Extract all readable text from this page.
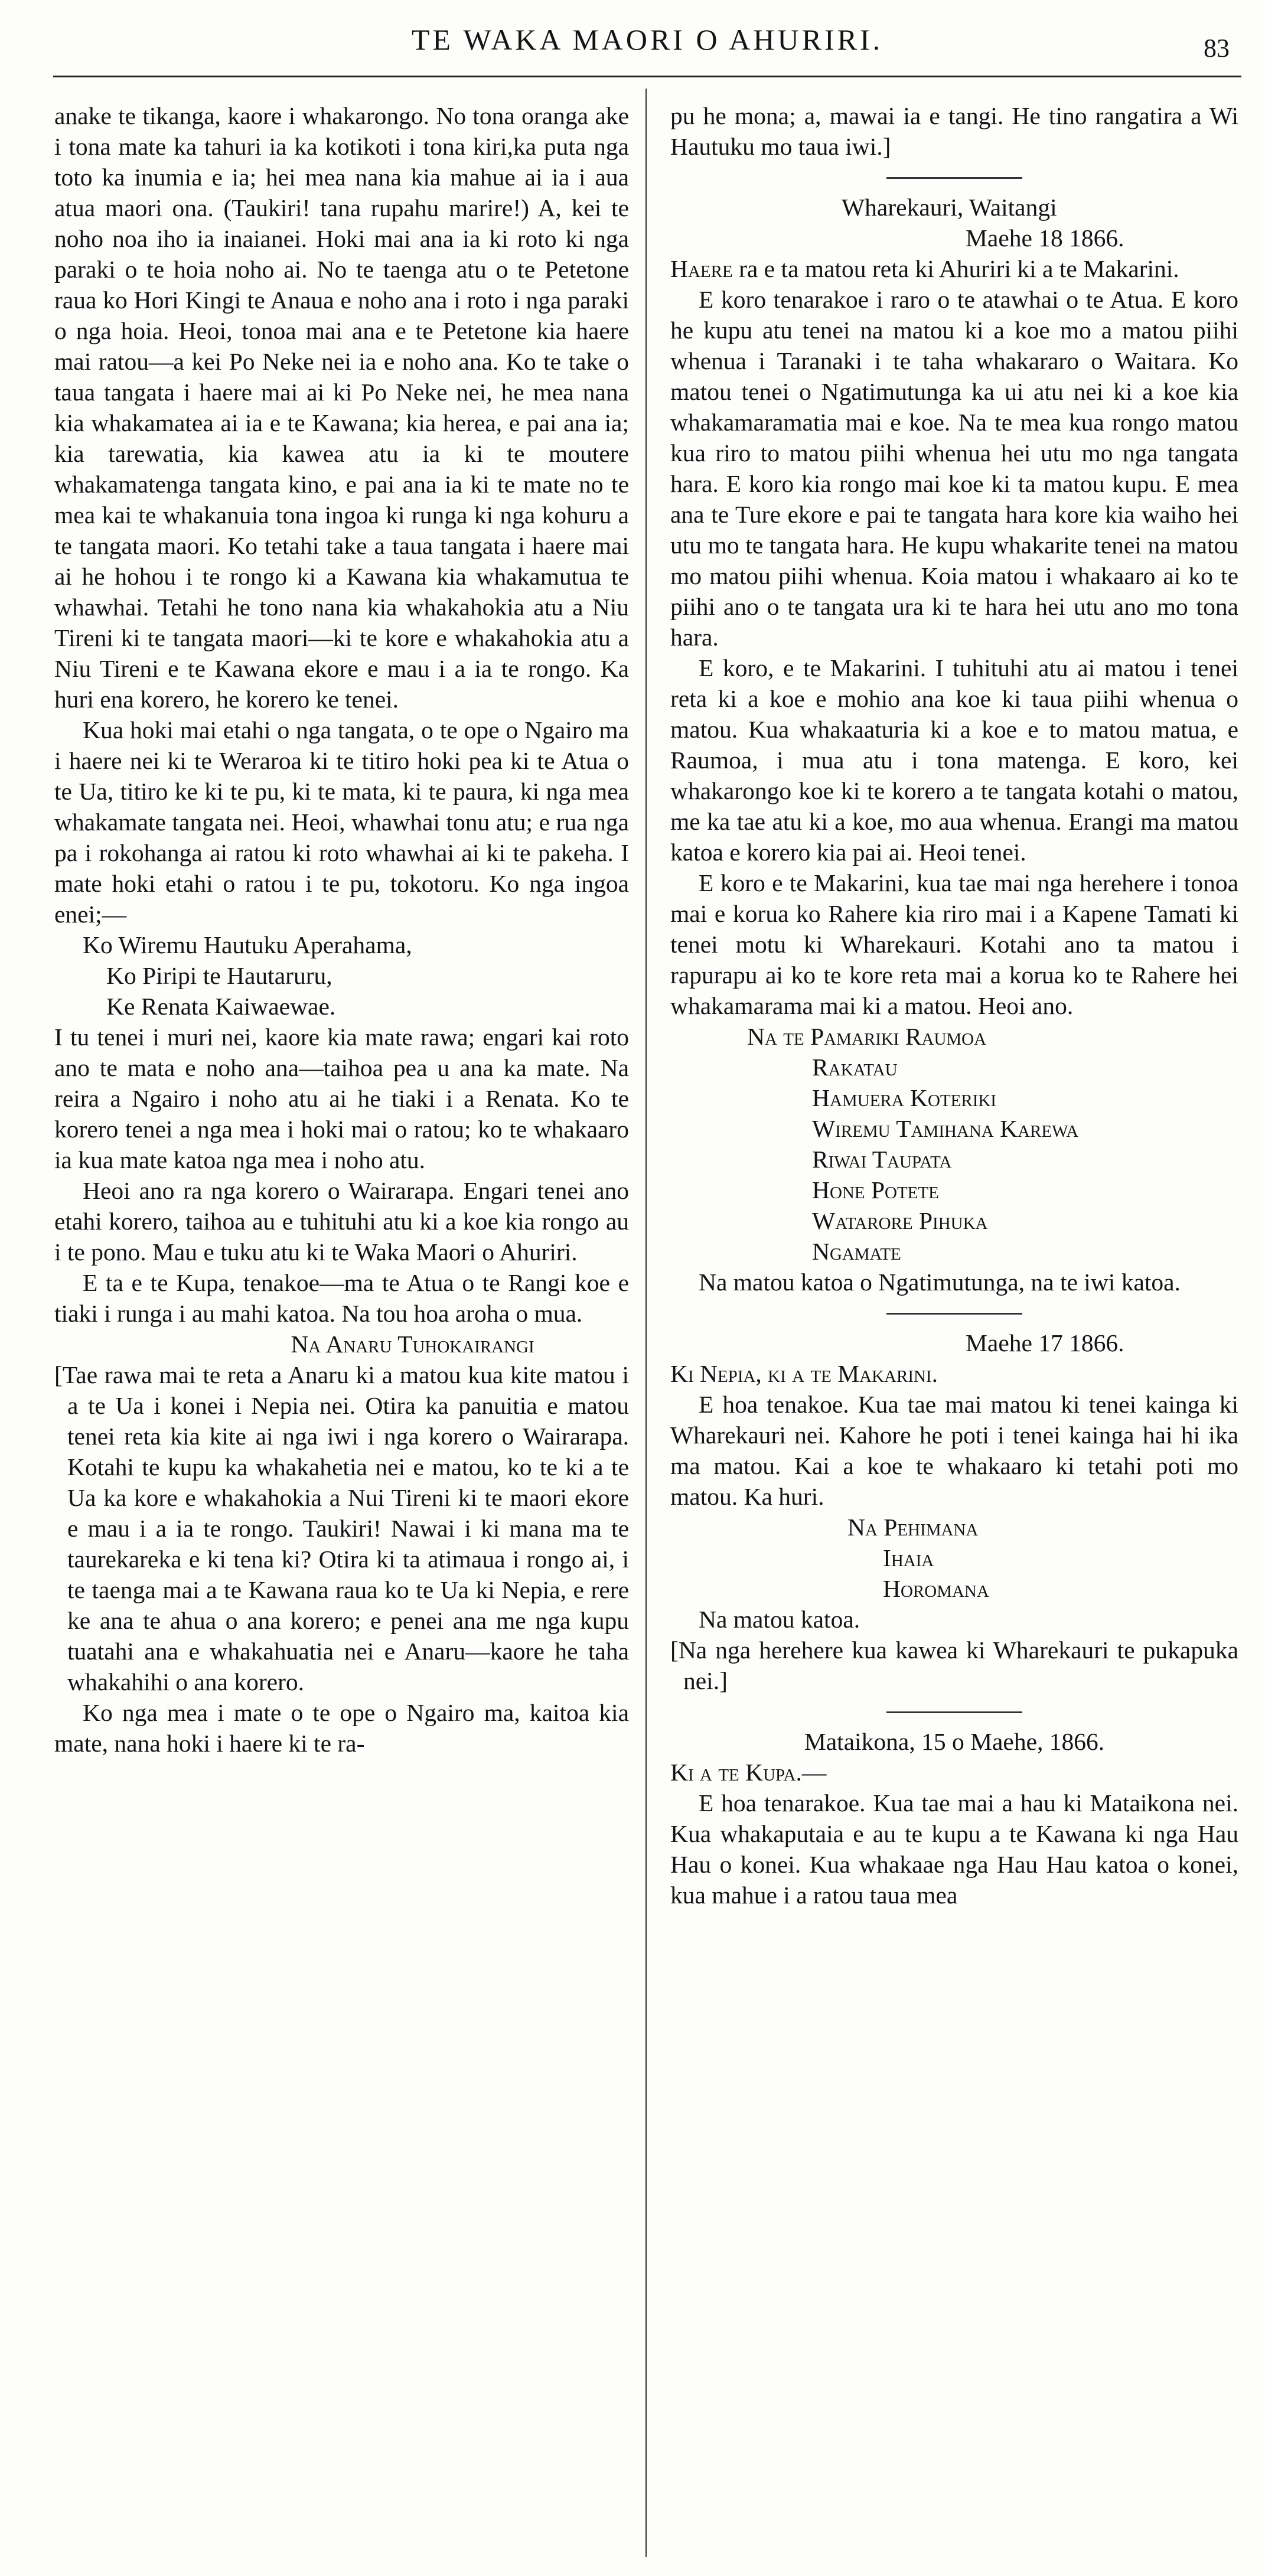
TE WAKA MAORI O AHURIRI.	83

anake te tikanga, kaore i whakarongo. No tona oranga ake i tona mate ka tahuri ia ka kotikoti i tona kiri,ka puta nga toto ka inumia e ia; hei mea nana kia mahue ai ia i aua atua maori ona. (Taukiri! tana rupahu marire!) A, kei te noho noa iho ia inaianei. Hoki mai ana ia ki roto ki nga paraki o te hoia noho ai. No te taenga atu o te Petetone raua ko Hori Kingi te Anaua e noho ana i roto i nga paraki o nga hoia. Heoi, tonoa mai ana e te Petetone kia haere mai ratou—a kei Po Neke nei ia e noho ana. Ko te take o taua tangata i haere mai ai ki Po Neke nei, he mea nana kia whakamatea ai ia e te Kawana; kia herea, e pai ana ia; kia tarewatia, kia kawea atu ia ki te moutere whakamatenga tangata kino, e pai ana ia ki te mate no te mea kai te whakanuia tona ingoa ki runga ki nga kohuru a te tangata maori. Ko tetahi take a taua tangata i haere mai ai he hohou i te rongo ki a Kawana kia whakamutua te whawhai. Tetahi he tono nana kia whakahokia atu a Niu Tireni ki te tangata maori—ki te kore e whakahokia atu a Niu Tireni e te Kawana ekore e mau i a ia te rongo. Ka huri ena korero, he korero ke tenei.

Kua hoki mai etahi o nga tangata, o te ope o Ngairo ma i haere nei ki te Weraroa ki te titiro hoki pea ki te Atua o te Ua, titiro ke ki te pu, ki te mata, ki te paura, ki nga mea whakamate tangata nei. Heoi, whawhai tonu atu; e rua nga pa i rokohanga ai ratou ki roto whawhai ai ki te pakeha. I mate hoki etahi o ratou i te pu, tokotoru. Ko nga ingoa enei;—

Ko Wiremu Hautuku Aperahama,
Ko Piripi te Hautaruru,
Ke Renata Kaiwaewae.

I tu tenei i muri nei, kaore kia mate rawa; engari kai roto ano te mata e noho ana—taihoa pea u ana ka mate. Na reira a Ngairo i noho atu ai he tiaki i a Renata. Ko te korero tenei a nga mea i hoki mai o ratou; ko te whakaaro ia kua mate katoa nga mea i noho atu.

Heoi ano ra nga korero o Wairarapa. Engari tenei ano etahi korero, taihoa au e tuhituhi atu ki a koe kia rongo au i te pono. Mau e tuku atu ki te Waka Maori o Ahuriri.

E ta e te Kupa, tenakoe—ma te Atua o te Rangi koe e tiaki i runga i au mahi katoa. Na tou hoa aroha o mua.

Na Anaru Tuhokairangi

[Tae rawa mai te reta a Anaru ki a matou kua kite matou i a te Ua i konei i Nepia nei. Otira ka panuitia e matou tenei reta kia kite ai nga iwi i nga korero o Wairarapa. Kotahi te kupu ka whakahetia nei e matou, ko te ki a te Ua ka kore e whakahokia a Nui Tireni ki te maori ekore e mau i a ia te rongo. Taukiri! Nawai i ki mana ma te taurekareka e ki tena ki? Otira ki ta atimaua i rongo ai, i te taenga mai a te Kawana raua ko te Ua ki Nepia, e rere ke ana te ahua o ana korero; e penei ana me nga kupu tuatahi ana e whakahuatia nei e Anaru—kaore he taha whakahihi o ana korero.

Ko nga mea i mate o te ope o Ngairo ma, kaitoa kia mate, nana hoki i haere ki te ra-

pu he mona; a, mawai ia e tangi. He tino rangatira a Wi Hautuku mo taua iwi.]

Wharekauri, Waitangi

Maehe 18 1866.

Haere ra e ta matou reta ki Ahuriri ki a te Makarini.

E koro tenarakoe i raro o te atawhai o te Atua. E koro he kupu atu tenei na matou ki a koe mo a matou piihi whenua i Taranaki i te taha whakararo o Waitara. Ko matou tenei o Ngatimutunga ka ui atu nei ki a koe kia whakamaramatia mai e koe. Na te mea kua rongo matou kua riro to matou piihi whenua hei utu mo nga tangata hara. E koro kia rongo mai koe ki ta matou kupu. E mea ana te Ture ekore e pai te tangata hara kore kia waiho hei utu mo te tangata hara. He kupu whakarite tenei na matou mo matou piihi whenua. Koia matou i whakaaro ai ko te piihi ano o te tangata ura ki te hara hei utu ano mo tona hara.

E koro, e te Makarini. I tuhituhi atu ai matou i tenei reta ki a koe e mohio ana koe ki taua piihi whenua o matou. Kua whakaaturia ki a koe e to matou matua, e Raumoa, i mua atu i tona matenga. E koro, kei whakarongo koe ki te korero a te tangata kotahi o matou, me ka tae atu ki a koe, mo aua whenua. Erangi ma matou katoa e korero kia pai ai. Heoi tenei.

E koro e te Makarini, kua tae mai nga herehere i tonoa mai e korua ko Rahere kia riro mai i a Kapene Tamati ki tenei motu ki Wharekauri. Kotahi ano ta matou i rapurapu ai ko te kore reta mai a korua ko te Rahere hei whakamarama mai ki a matou. Heoi ano.

Na te Pamariki Raumoa
Rakatau
Hamuera Koteriki
Wiremu Tamihana Karewa
Riwai Taupata
Hone Potete
Watarore Pihuka
Ngamate

Na matou katoa o Ngatimutunga, na te iwi katoa.

Maehe 17 1866.

Ki Nepia, ki a te Makarini.

E hoa tenakoe. Kua tae mai matou ki tenei kainga ki Wharekauri nei. Kahore he poti i tenei kainga hai hi ika ma matou. Kai a koe te whakaaro ki tetahi poti mo matou. Ka huri.

Na Pehimana
Ihaia
Horomana

Na matou katoa.

[Na nga herehere kua kawea ki Wharekauri te pukapuka nei.]

Mataikona, 15 o Maehe, 1866.

Ki a te Kupa.—

E hoa tenarakoe. Kua tae mai a hau ki Mataikona nei. Kua whakaputaia e au te kupu a te Kawana ki nga Hau Hau o konei. Kua whakaae nga Hau Hau katoa o konei, kua mahue i a ratou taua mea
